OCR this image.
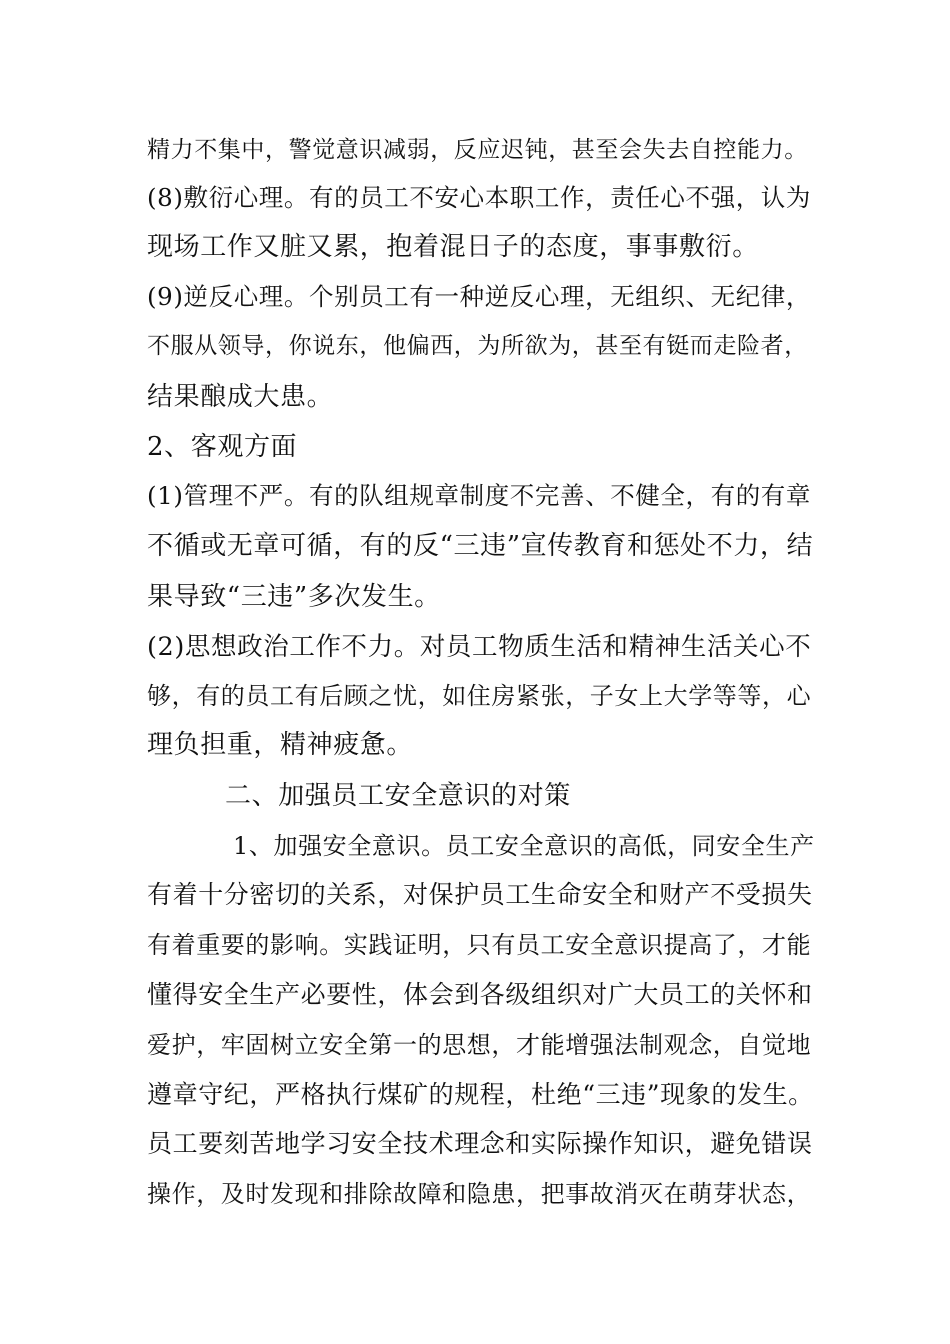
精力不集中，警觉意识减弱，反应迟钝，甚至会失去自控能力。
(8)敷衍心理。有的员工不安心本职工作，责任心不强，认为
现场工作又脏又累，抱着混日子的态度，事事敷衍。
(9)逆反心理。个别员工有一种逆反心理，无组织、无纪律，
不服从领导，你说东，他偏西，为所欲为，甚至有铤而走险者，
结果酿成大患。
2、客观方面
(1)管理不严。有的队组规章制度不完善、不健全，有的有章
不循或无章可循，有的反“三违”宣传教育和惩处不力，结
果导致“三违”多次发生。
(2)思想政治工作不力。对员工物质生活和精神生活关心不
够，有的员工有后顾之忧，如住房紧张，子女上大学等等，心
理负担重，精神疲惫。
二、加强员工安全意识的对策
1、加强安全意识。员工安全意识的高低，同安全生产
有着十分密切的关系，对保护员工生命安全和财产不受损失
有着重要的影响。实践证明，只有员工安全意识提高了，才能
懂得安全生产必要性，体会到各级组织对广大员工的关怀和
爱护，牢固树立安全第一的思想，才能增强法制观念，自觉地
遵章守纪，严格执行煤矿的规程，杜绝“三违”现象的发生。
员工要刻苦地学习安全技术理念和实际操作知识，避免错误
操作，及时发现和排除故障和隐患，把事故消灭在萌芽状态，
